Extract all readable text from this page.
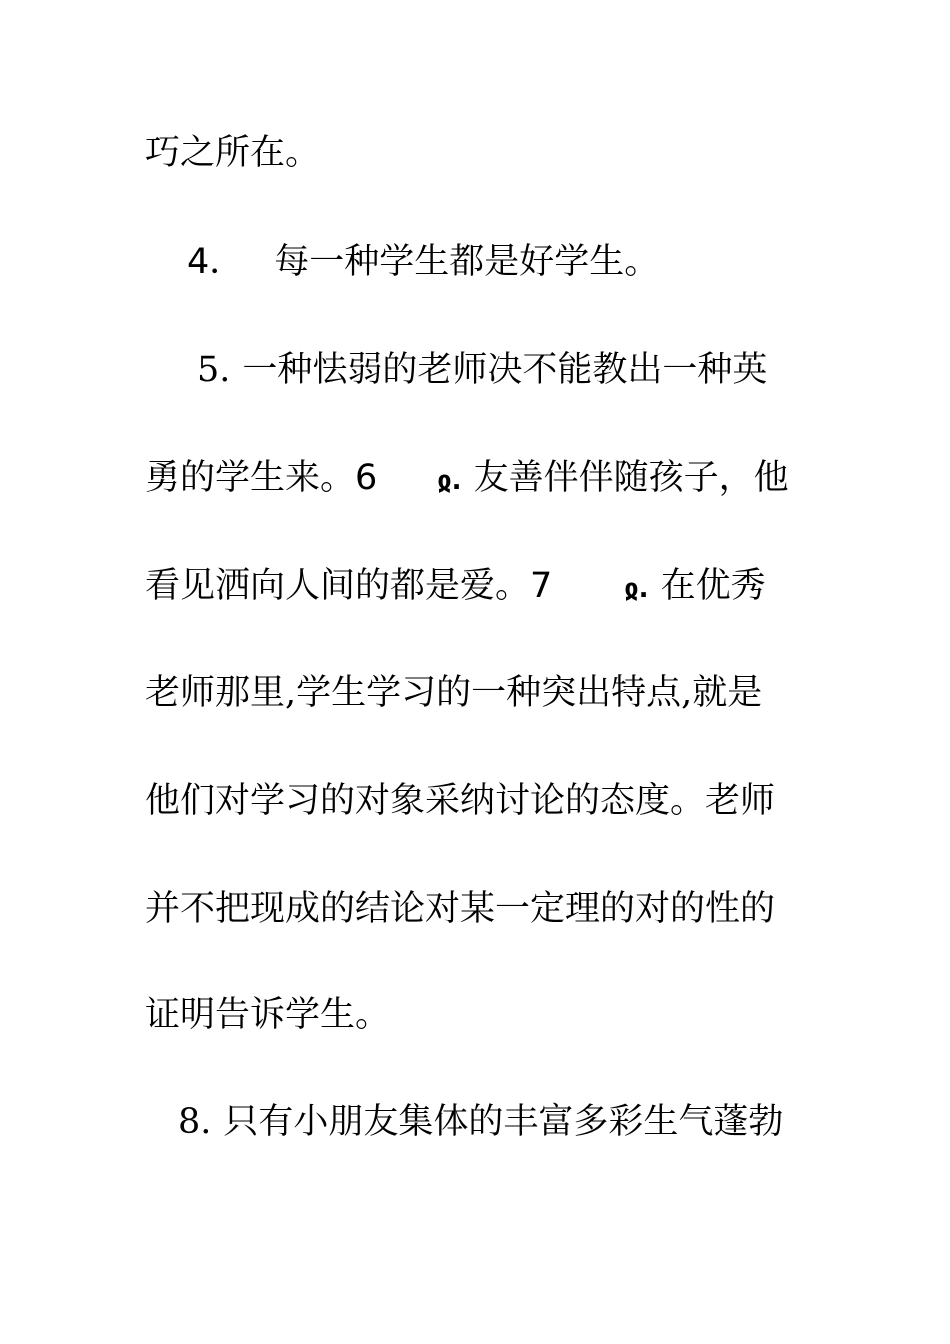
巧之所在。
4． 每一种学生都是好学生。
5. 一种怯弱的老师决不能教出一种英
勇的学生来。6 ჲ. 友善伴伴随孩子，他
看见洒向人间的都是爱。7	ჲ. 在优秀
老师那里,学生学习的一种突出特点,就是
他们对学习的对象采纳讨论的态度。老师
并不把现成的结论对某一定理的对的性的
证明告诉学生。
8. 只有小朋友集体的丰富多彩生气蓬勃
